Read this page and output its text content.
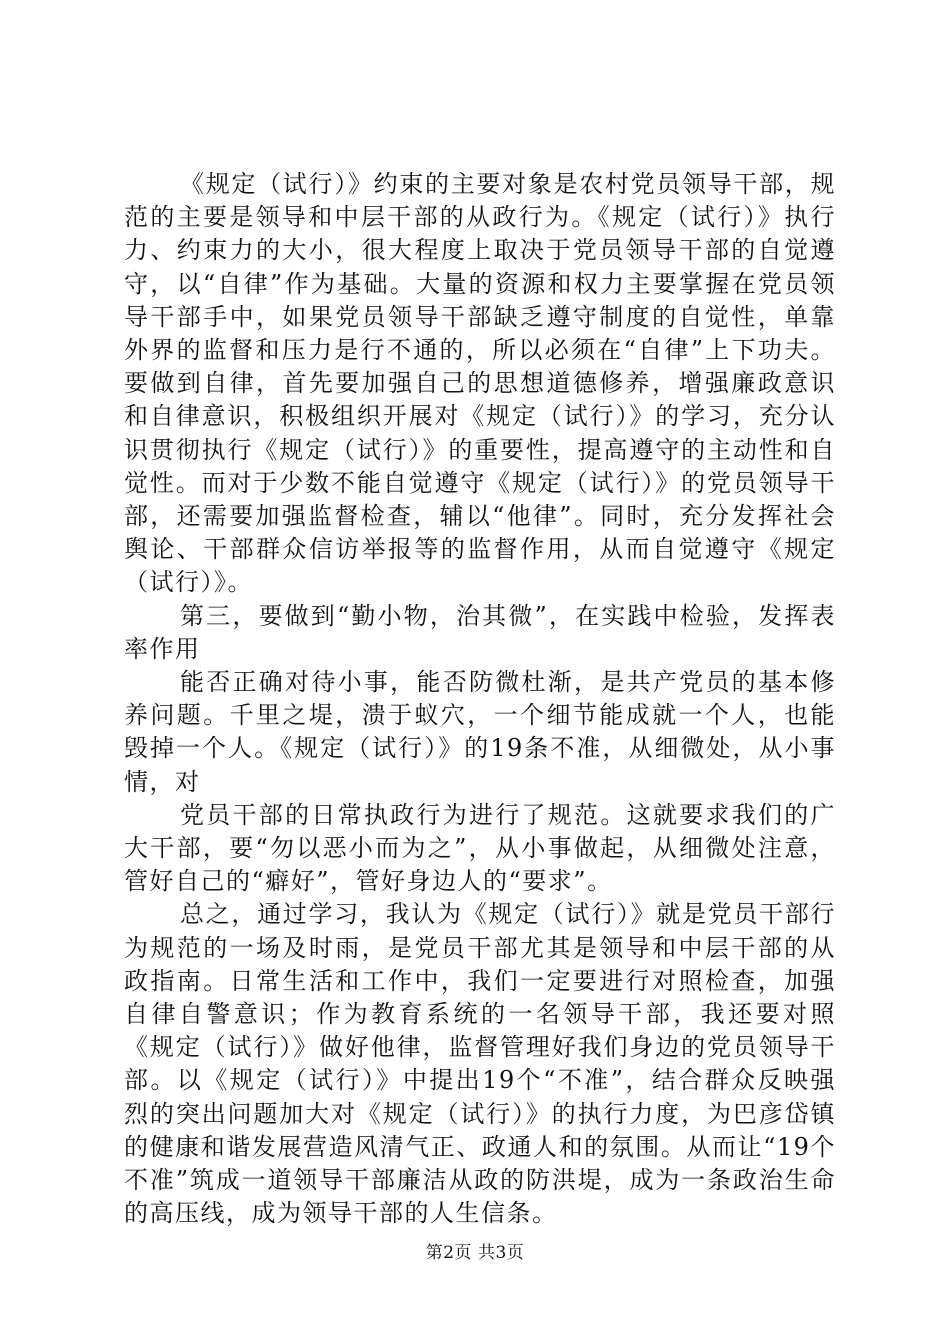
《规定（试行）》约束的主要对象是农村党员领导干部，规范的主要是领导和中层干部的从政行为。《规定（试行）》执行力、约束力的大小，很大程度上取决于党员领导干部的自觉遵守，以“自律”作为基础。大量的资源和权力主要掌握在党员领导干部手中，如果党员领导干部缺乏遵守制度的自觉性，单靠外界的监督和压力是行不通的，所以必须在“自律”上下功夫。要做到自律，首先要加强自己的思想道德修养，增强廉政意识和自律意识，积极组织开展对《规定（试行）》的学习，充分认识贯彻执行《规定（试行）》的重要性，提高遵守的主动性和自觉性。而对于少数不能自觉遵守《规定（试行）》的党员领导干部，还需要加强监督检查，辅以“他律”。同时，充分发挥社会舆论、干部群众信访举报等的监督作用，从而自觉遵守《规定（试行）》。

第三，要做到“勤小物，治其微”，在实践中检验，发挥表率作用

能否正确对待小事，能否防微杜渐，是共产党员的基本修养问题。千里之堤，溃于蚁穴，一个细节能成就一个人，也能毁掉一个人。《规定（试行）》的19条不准，从细微处，从小事情，对

党员干部的日常执政行为进行了规范。这就要求我们的广大干部，要“勿以恶小而为之”，从小事做起，从细微处注意，管好自己的“癖好”，管好身边人的“要求”。

总之，通过学习，我认为《规定（试行）》就是党员干部行为规范的一场及时雨，是党员干部尤其是领导和中层干部的从政指南。日常生活和工作中，我们一定要进行对照检查，加强自律自警意识；作为教育系统的一名领导干部，我还要对照《规定（试行）》做好他律，监督管理好我们身边的党员领导干部。以《规定（试行）》中提出19个“不准”，结合群众反映强烈的突出问题加大对《规定（试行）》的执行力度，为巴彦岱镇的健康和谐发展营造风清气正、政通人和的氛围。从而让“19个不准”筑成一道领导干部廉洁从政的防洪堤，成为一条政治生命的高压线，成为领导干部的人生信条。

第2页 共3页
